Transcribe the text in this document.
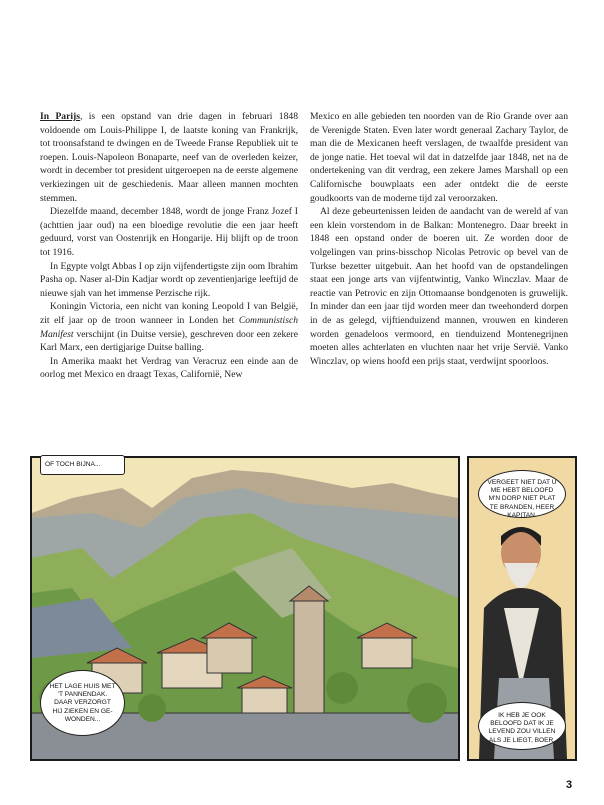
In Parijs, is een opstand van drie dagen in februari 1848 voldoende om Louis-Philippe I, de laatste koning van Frankrijk, tot troonsafstand te dwingen en de Tweede Franse Republiek uit te roepen. Louis-Napoleon Bonaparte, neef van de overleden keizer, wordt in december tot president uitgeroepen na de eerste algemene verkiezingen uit de geschiedenis. Maar alleen mannen mochten stemmen.

Diezelfde maand, december 1848, wordt de jonge Franz Jozef I (achttien jaar oud) na een bloedige revolutie die een jaar heeft geduurd, vorst van Oostenrijk en Hongarije. Hij blijft op de troon tot 1916.

In Egypte volgt Abbas I op zijn vijfendertigste zijn oom Ibrahim Pasha op. Naser al-Din Kadjar wordt op zeventienjarige leeftijd de nieuwe sjah van het immense Perzische rijk.

Koningin Victoria, een nicht van koning Leopold I van België, zit elf jaar op de troon wanneer in Londen het Communistisch Manifest verschijnt (in Duitse versie), geschreven door een zekere Karl Marx, een dertigjarige Duitse balling.

In Amerika maakt het Verdrag van Veracruz een einde aan de oorlog met Mexico en draagt Texas, Californië, New

Mexico en alle gebieden ten noorden van de Rio Grande over aan de Verenigde Staten. Even later wordt generaal Zachary Taylor, de man die de Mexicanen heeft verslagen, de twaalfde president van de jonge natie. Het toeval wil dat in datzelfde jaar 1848, net na de ondertekening van dit verdrag, een zekere James Marshall op een Californische bouwplaats een ader ontdekt die de eerste goudkoorts van de moderne tijd zal veroorzaken.

Al deze gebeurtenissen leiden de aandacht van de wereld af van een klein vorstendom in de Balkan: Montenegro. Daar breekt in 1848 een opstand onder de boeren uit. Ze worden door de volgelingen van prins-bisschop Nicolas Petrovic op bevel van de Turkse bezetter uitgebuit. Aan het hoofd van de opstandelingen staat een jonge arts van vijfentwintig, Vanko Winczlav. Maar de reactie van Petrovic en zijn Ottomaanse bondgenoten is gruwelijk. In minder dan een jaar tijd worden meer dan tweehonderd dorpen in de as gelegd, vijftienduizend mannen, vrouwen en kinderen worden genadeloos vermoord, en tienduizend Montenegrijnen moeten alles achterlaten en vluchten naar het vrije Servië. Vanko Winczlav, op wiens hoofd een prijs staat, verdwijnt spoorloos.

OF TOCH BIJNA...
HET LAGE HUIS MET 'T PANNENDAK. DAAR VERZORGT HIJ ZIEKEN EN GE-WONDEN...
VERGEET NIET DAT U ME HEBT BELOOFD M'N DORP NIET PLAT TE BRANDEN, HEER KAPITAN.
IK HEB JE OOK BELOOFD DAT IK JE LEVEND ZOU VILLEN ALS JE LIEGT, BOER.
3
